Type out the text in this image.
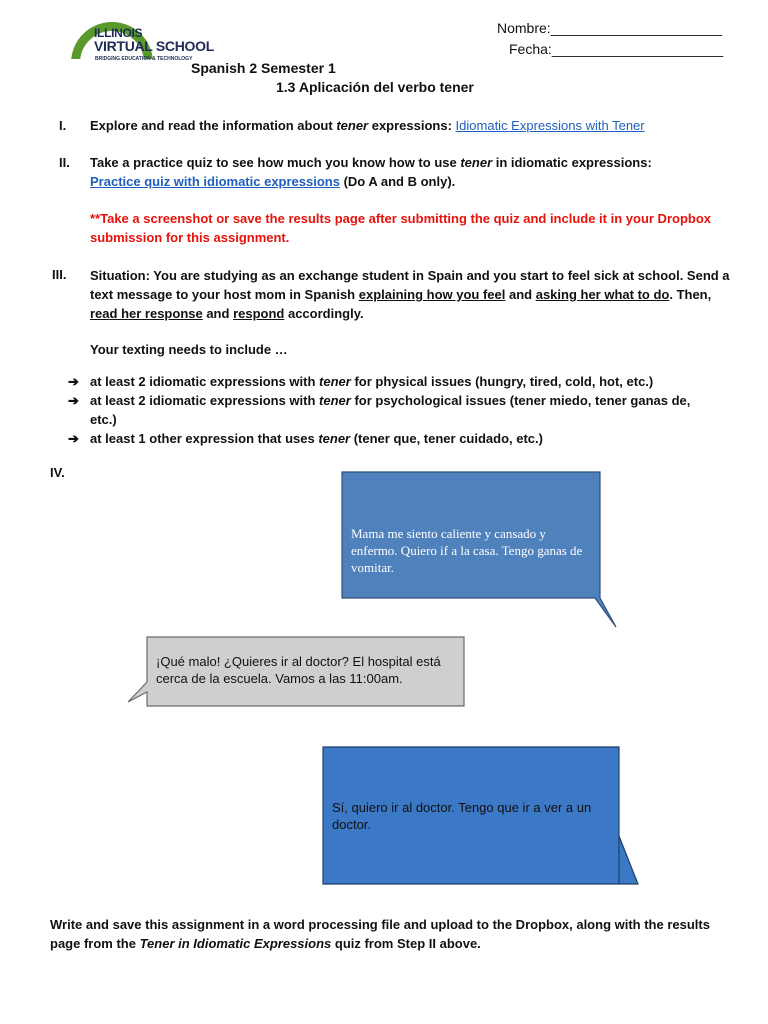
ILLINOIS
VIRTUAL SCHOOL
BRIDGING EDUCATION & TECHNOLOGY
Nombre:______________________
Fecha:______________________
Spanish 2 Semester 1
1.3 Aplicación del verbo tener
I. Explore and read the information about tener expressions: Idiomatic Expressions with Tener
II. Take a practice quiz to see how much you know how to use tener in idiomatic expressions:
Practice quiz with idiomatic expressions (Do A and B only).
**Take a screenshot or save the results page after submitting the quiz and include it in your Dropbox submission for this assignment.
III. Situation: You are studying as an exchange student in Spain and you start to feel sick at school. Send a text message to your host mom in Spanish explaining how you feel and asking her what to do. Then, read her response and respond accordingly.
Your texting needs to include …
➔ at least 2 idiomatic expressions with tener for physical issues (hungry, tired, cold, hot, etc.)
➔ at least 2 idiomatic expressions with tener for psychological issues (tener miedo, tener ganas de, etc.)
➔ at least 1 other expression that uses tener (tener que, tener cuidado, etc.)
IV.
Mama me siento caliente y cansado y enfermo. Quiero if a la casa. Tengo ganas de vomitar.
¡Qué malo! ¿Quieres ir al doctor? El hospital está cerca de la escuela. Vamos a las 11:00am.
Sí, quiero ir al doctor. Tengo que ir a ver a un doctor.
Write and save this assignment in a word processing file and upload to the Dropbox, along with the results page from the Tener in Idiomatic Expressions quiz from Step II above.
